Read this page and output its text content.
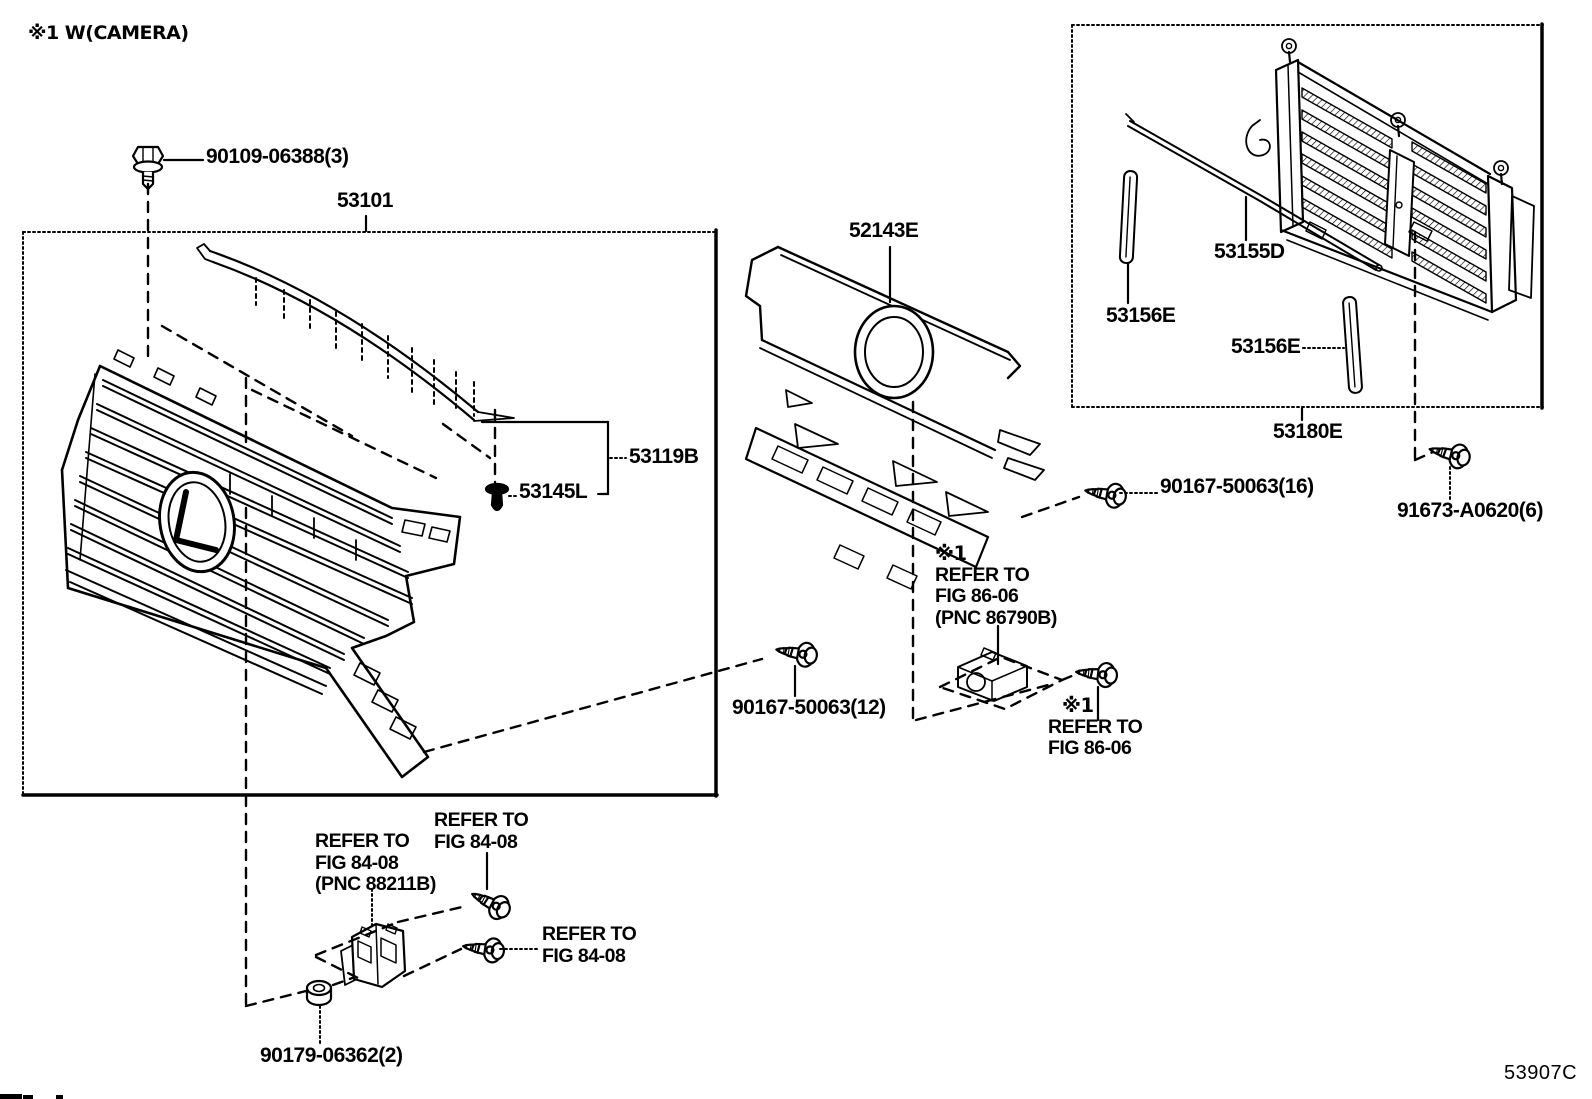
※1 W(CAMERA)
90109-06388(3)
53101
53119B
53145L
52143E
53155D
53156E
53156E
53180E
90167-50063(16)
91673-A0620(6)
90167-50063(12)
90179-06362(2)
※1
REFER TO
FIG 86-06
(PNC 86790B)
※1
REFER TO
FIG 86-06
REFER TO
FIG 84-08
(PNC 88211B)
REFER TO
FIG 84-08
REFER TO
FIG 84-08
53907C
